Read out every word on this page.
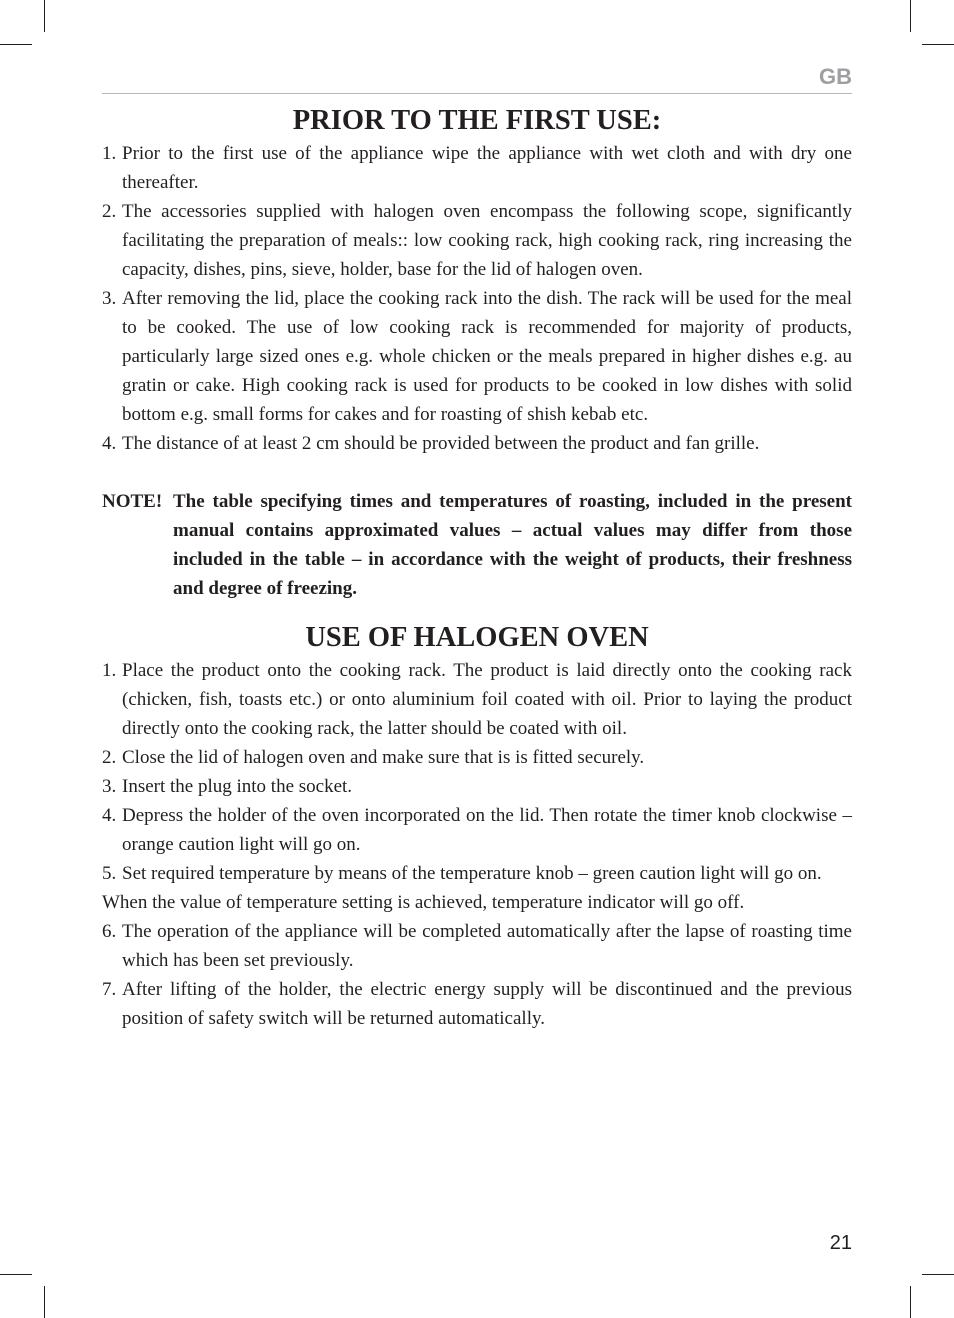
GB
PRIOR TO THE FIRST USE:
1. Prior to the first use of the appliance wipe the appliance with wet cloth and with dry one thereafter.
2. The accessories supplied with halogen oven encompass the following scope, significantly facilitating the preparation of meals:: low cooking rack, high cooking rack, ring increasing the capacity, dishes, pins, sieve, holder, base for the lid of halogen oven.
3. After removing the lid, place the cooking rack into the dish. The rack will be used for the meal to be cooked. The use of low cooking rack is recommended for majority of products, particularly large sized ones e.g. whole chicken or the meals prepared in higher dishes e.g. au gratin or cake. High cooking rack is used for products to be cooked in low dishes with solid bottom e.g. small forms for cakes and for roasting of shish kebab etc.
4. The distance of at least 2 cm should be provided between the product and fan grille.
NOTE! The table specifying times and temperatures of roasting, included in the present manual contains approximated values – actual values may differ from those included in the table – in accordance with the weight of products, their freshness and degree of freezing.
USE OF HALOGEN OVEN
1. Place the product onto the cooking rack. The product is laid directly onto the cooking rack (chicken, fish, toasts etc.) or onto aluminium foil coated with oil. Prior to laying the product directly onto the cooking rack, the latter should be coated with oil.
2. Close the lid of halogen oven and make sure that is is fitted securely.
3. Insert the plug into the socket.
4. Depress the holder of the oven incorporated on the lid. Then rotate the timer knob clockwise – orange caution light will go on.
5. Set required temperature by means of the temperature knob – green caution light will go on.

When the value of temperature setting is achieved, temperature indicator will go off.

6. The operation of the appliance will be completed automatically after the lapse of roasting time which has been set previously.
7. After lifting of the holder, the electric energy supply will be discontinued and the previous position of safety switch will be returned automatically.
21
